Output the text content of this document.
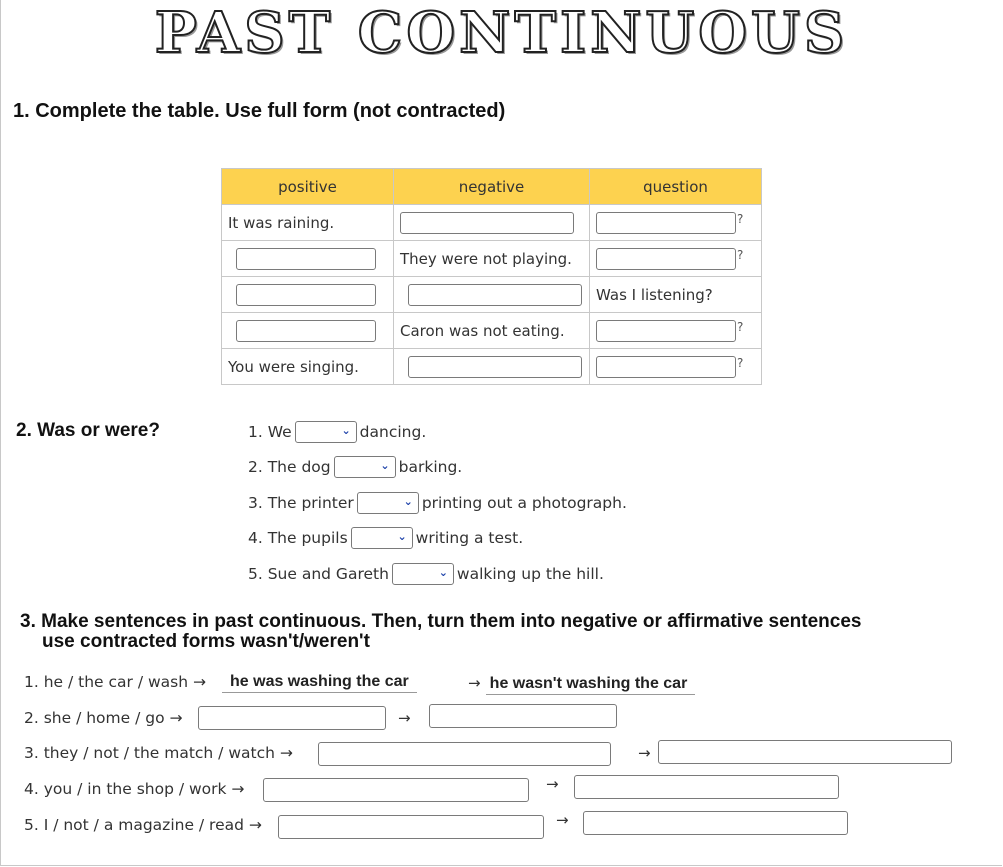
PAST CONTINUOUS
1. Complete the table. Use full form (not contracted)
positive	negative	question
It was raining.		?
	They were not playing.	?
		Was I listening?
	Caron was not eating.	?
You were singing.		?
2. Was or were?	1. We	⌄ dancing.
2. The dog	⌄ barking.
3. The printer	⌄ printing out a photograph.
4. The pupils	⌄ writing a test.
5. Sue and Gareth	⌄ walking up the hill.
3. Make sentences in past continuous. Then, turn them into negative or affirmative sentences
use contracted forms wasn't/weren't
1. he / the car / wash →	he was washing the car	→ he wasn't washing the car
2. she / home / go →	→
3. they / not / the match / watch →	→
4. you / in the shop / work →	→
5. I / not / a magazine / read →	→
